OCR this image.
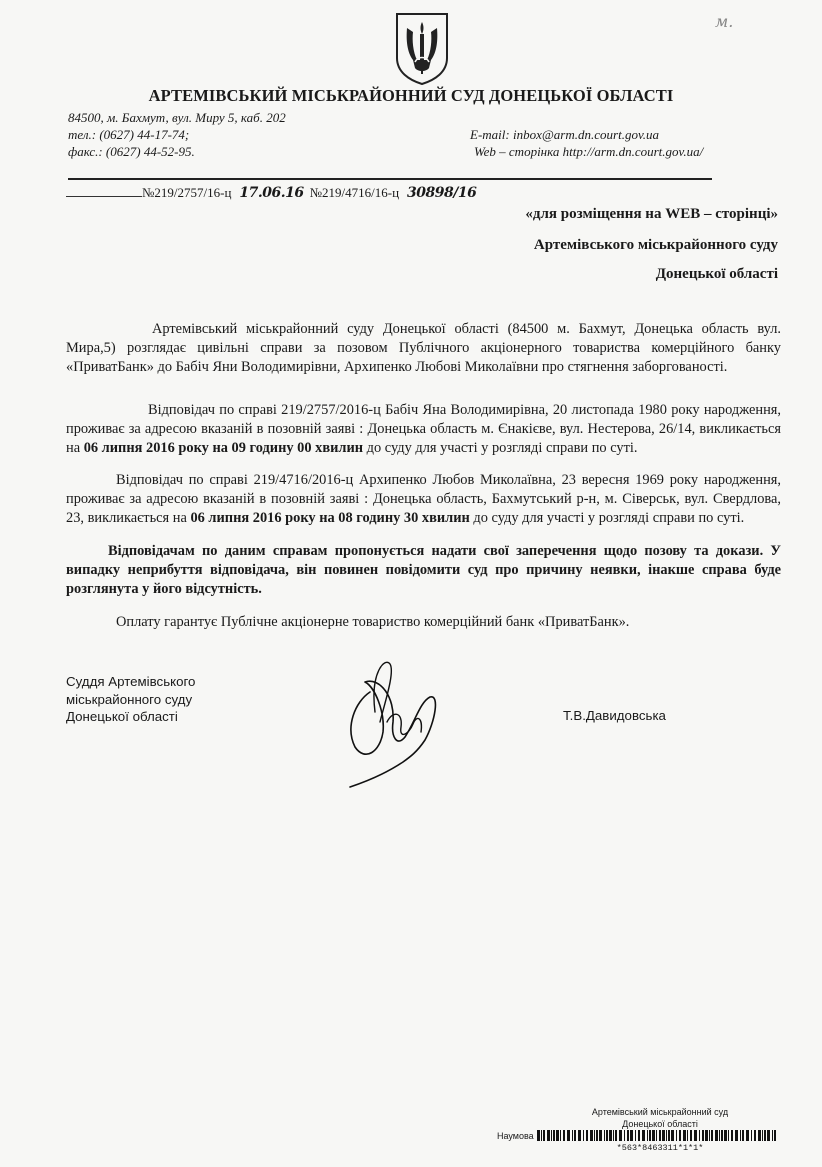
м.
АРТЕМІВСЬКИЙ МІСЬКРАЙОННИЙ СУД ДОНЕЦЬКОЇ ОБЛАСТІ
84500, м. Бахмут, вул. Миру 5, каб. 202
тел.: (0627) 44-17-74;
факс.: (0627) 44-52-95.
E-mail: inbox@arm.dn.court.gov.ua
Web – сторінка http://arm.dn.court.gov.ua/
№219/2757/16-ц 17.06.16 №219/4716/16-ц 30898/16
«для розміщення на WEB – сторінці»
Артемівського міськрайонного суду
Донецької області

Артемівський міськрайонний суду Донецької області (84500 м. Бахмут, Донецька область вул. Мира,5) розглядає цивільні справи за позовом Публічного акціонерного товариства комерційного банку «ПриватБанк» до Бабіч Яни Володимирівни, Архипенко Любові Миколаївни про стягнення заборгованості.

Відповідач по справі 219/2757/2016-ц Бабіч Яна Володимирівна, 20 листопада 1980 року народження, проживає за адресою вказаній в позовній заяві : Донецька область м. Єнакієве, вул. Нестерова, 26/14, викликається на 06 липня 2016 року на 09 годину 00 хвилин до суду для участі у розгляді справи по суті.

Відповідач по справі 219/4716/2016-ц Архипенко Любов Миколаївна, 23 вересня 1969 року народження, проживає за адресою вказаній в позовній заяві : Донецька область, Бахмутський р-н, м. Сіверськ, вул. Свердлова, 23, викликається на 06 липня 2016 року на 08 годину 30 хвилин до суду для участі у розгляді справи по суті.

Відповідачам по даним справам пропонується надати свої заперечення щодо позову та докази. У випадку неприбуття відповідача, він повинен повідомити суд про причину неявки, інакше справа буде розглянута у його відсутність.

Оплату гарантує Публічне акціонерне товариство комерційний банк «ПриватБанк».

Суддя Артемівського
міськрайонного суду
Донецької області	Т.В.Давидовська
Артемівський міськрайонний суд
Донецької області
Наумова
*563*8463311*1*1*
